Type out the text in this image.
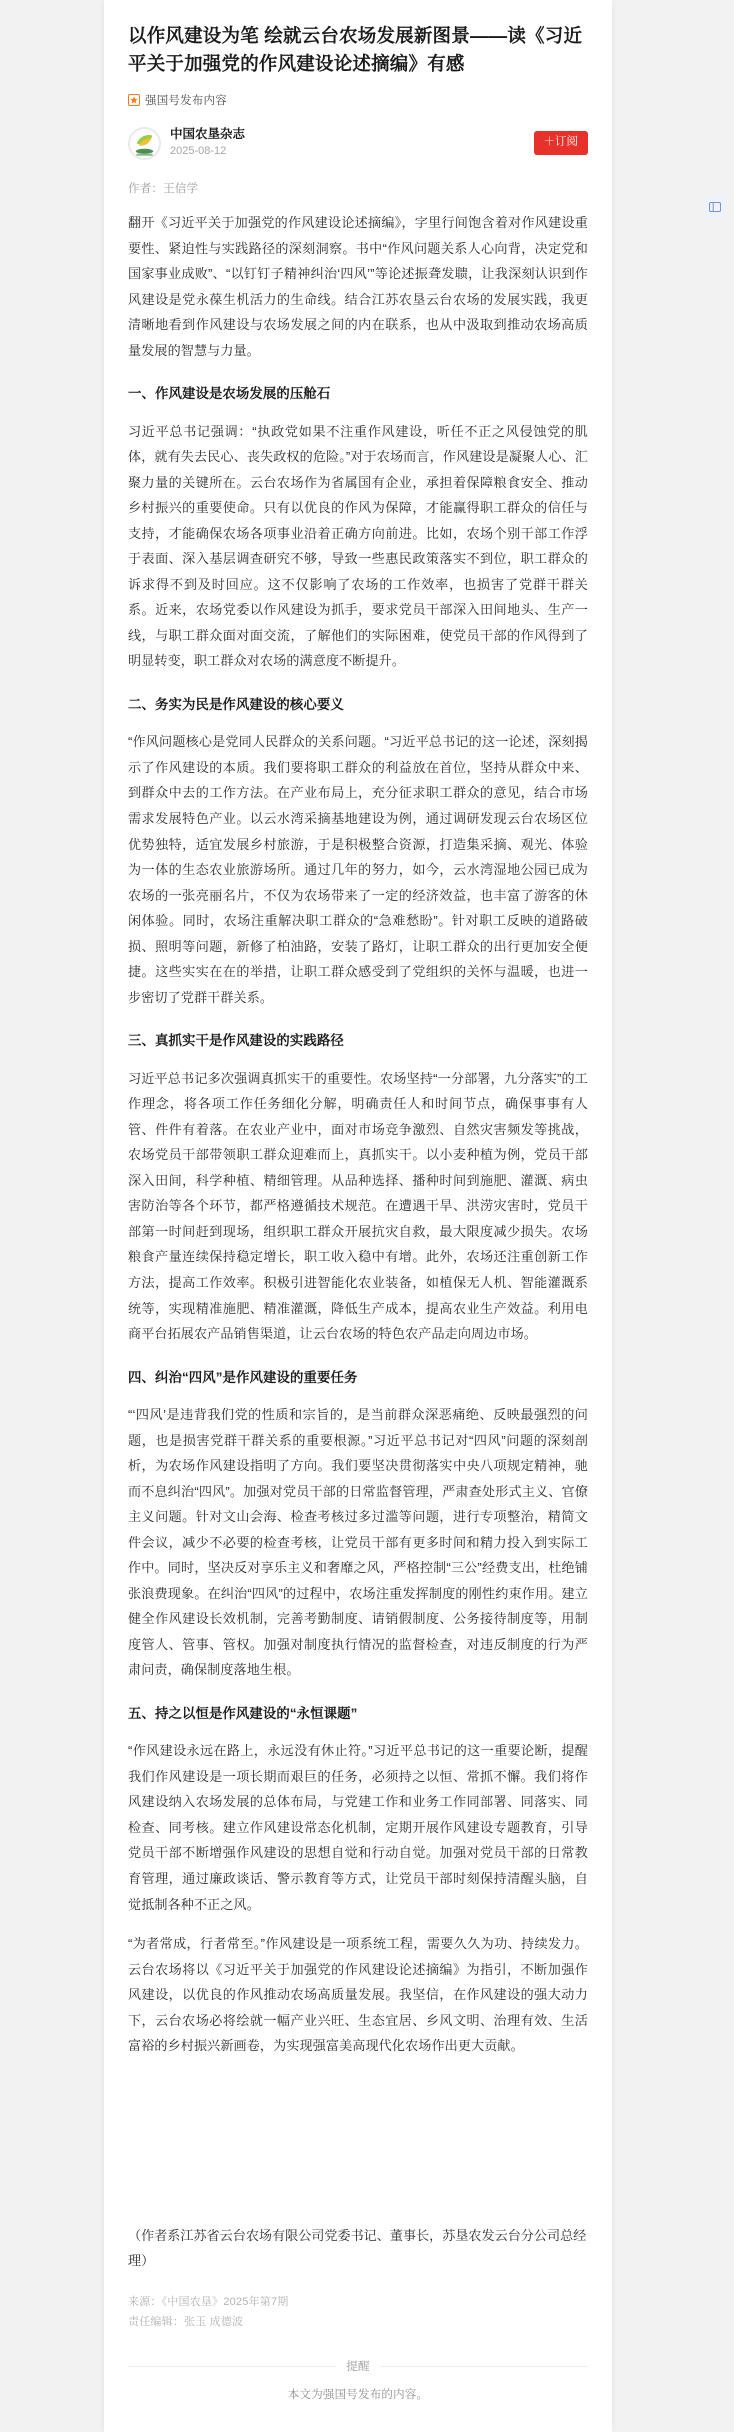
以作风建设为笔 绘就云台农场发展新图景——读《习近平关于加强党的作风建设论述摘编》有感
强国号发布内容
中国农垦杂志
2025-08-12
＋订阅
作者：王信学

翻开《习近平关于加强党的作风建设论述摘编》，字里行间饱含着对作风建设重要性、紧迫性与实践路径的深刻洞察。书中“作风问题关系人心向背，决定党和国家事业成败”、“以钉钉子精神纠治‘四风’”等论述振聋发聩，让我深刻认识到作风建设是党永葆生机活力的生命线。结合江苏农垦云台农场的发展实践，我更清晰地看到作风建设与农场发展之间的内在联系，也从中汲取到推动农场高质量发展的智慧与力量。

一、作风建设是农场发展的压舱石

习近平总书记强调：“执政党如果不注重作风建设，听任不正之风侵蚀党的肌体，就有失去民心、丧失政权的危险。”对于农场而言，作风建设是凝聚人心、汇聚力量的关键所在。云台农场作为省属国有企业，承担着保障粮食安全、推动乡村振兴的重要使命。只有以优良的作风为保障，才能赢得职工群众的信任与支持，才能确保农场各项事业沿着正确方向前进。比如，农场个别干部工作浮于表面、深入基层调查研究不够，导致一些惠民政策落实不到位，职工群众的诉求得不到及时回应。这不仅影响了农场的工作效率，也损害了党群干群关系。近来，农场党委以作风建设为抓手，要求党员干部深入田间地头、生产一线，与职工群众面对面交流，了解他们的实际困难，使党员干部的作风得到了明显转变，职工群众对农场的满意度不断提升。

二、务实为民是作风建设的核心要义

“作风问题核心是党同人民群众的关系问题。“习近平总书记的这一论述，深刻揭示了作风建设的本质。我们要将职工群众的利益放在首位，坚持从群众中来、到群众中去的工作方法。在产业布局上，充分征求职工群众的意见，结合市场需求发展特色产业。以云水湾采摘基地建设为例，通过调研发现云台农场区位优势独特，适宜发展乡村旅游，于是积极整合资源，打造集采摘、观光、体验为一体的生态农业旅游场所。通过几年的努力，如今，云水湾湿地公园已成为农场的一张亮丽名片，不仅为农场带来了一定的经济效益，也丰富了游客的休闲体验。同时，农场注重解决职工群众的“急难愁盼”。针对职工反映的道路破损、照明等问题，新修了柏油路，安装了路灯，让职工群众的出行更加安全便捷。这些实实在在的举措，让职工群众感受到了党组织的关怀与温暖，也进一步密切了党群干群关系。

三、真抓实干是作风建设的实践路径

习近平总书记多次强调真抓实干的重要性。农场坚持“一分部署，九分落实”的工作理念，将各项工作任务细化分解，明确责任人和时间节点，确保事事有人管、件件有着落。在农业产业中，面对市场竞争激烈、自然灾害频发等挑战，农场党员干部带领职工群众迎难而上，真抓实干。以小麦种植为例，党员干部深入田间，科学种植、精细管理。从品种选择、播种时间到施肥、灌溉、病虫害防治等各个环节，都严格遵循技术规范。在遭遇干旱、洪涝灾害时，党员干部第一时间赶到现场，组织职工群众开展抗灾自救，最大限度减少损失。农场粮食产量连续保持稳定增长，职工收入稳中有增。此外，农场还注重创新工作方法，提高工作效率。积极引进智能化农业装备，如植保无人机、智能灌溉系统等，实现精准施肥、精准灌溉，降低生产成本，提高农业生产效益。利用电商平台拓展农产品销售渠道，让云台农场的特色农产品走向周边市场。

四、纠治“四风”是作风建设的重要任务

“‘四风’是违背我们党的性质和宗旨的，是当前群众深恶痛绝、反映最强烈的问题，也是损害党群干群关系的重要根源。”习近平总书记对“四风”问题的深刻剖析，为农场作风建设指明了方向。我们要坚决贯彻落实中央八项规定精神，驰而不息纠治“四风”。加强对党员干部的日常监督管理，严肃查处形式主义、官僚主义问题。针对文山会海、检查考核过多过滥等问题，进行专项整治，精简文件会议，减少不必要的检查考核，让党员干部有更多时间和精力投入到实际工作中。同时，坚决反对享乐主义和奢靡之风，严格控制“三公”经费支出，杜绝铺张浪费现象。在纠治“四风”的过程中，农场注重发挥制度的刚性约束作用。建立健全作风建设长效机制，完善考勤制度、请销假制度、公务接待制度等，用制度管人、管事、管权。加强对制度执行情况的监督检查，对违反制度的行为严肃问责，确保制度落地生根。

五、持之以恒是作风建设的“永恒课题”

“作风建设永远在路上，永远没有休止符。”习近平总书记的这一重要论断，提醒我们作风建设是一项长期而艰巨的任务，必须持之以恒、常抓不懈。我们将作风建设纳入农场发展的总体布局，与党建工作和业务工作同部署、同落实、同检查、同考核。建立作风建设常态化机制，定期开展作风建设专题教育，引导党员干部不断增强作风建设的思想自觉和行动自觉。加强对党员干部的日常教育管理，通过廉政谈话、警示教育等方式，让党员干部时刻保持清醒头脑，自觉抵制各种不正之风。

“为者常成，行者常至。”作风建设是一项系统工程，需要久久为功、持续发力。云台农场将以《习近平关于加强党的作风建设论述摘编》为指引，不断加强作风建设，以优良的作风推动农场高质量发展。我坚信，在作风建设的强大动力下，云台农场必将绘就一幅产业兴旺、生态宜居、乡风文明、治理有效、生活富裕的乡村振兴新画卷，为实现强富美高现代化农场作出更大贡献。

（作者系江苏省云台农场有限公司党委书记、董事长，苏垦农发云台分公司总经理）

来源：《中国农垦》2025年第7期
责任编辑：张玉 成德波
提醒
本文为强国号发布的内容。
